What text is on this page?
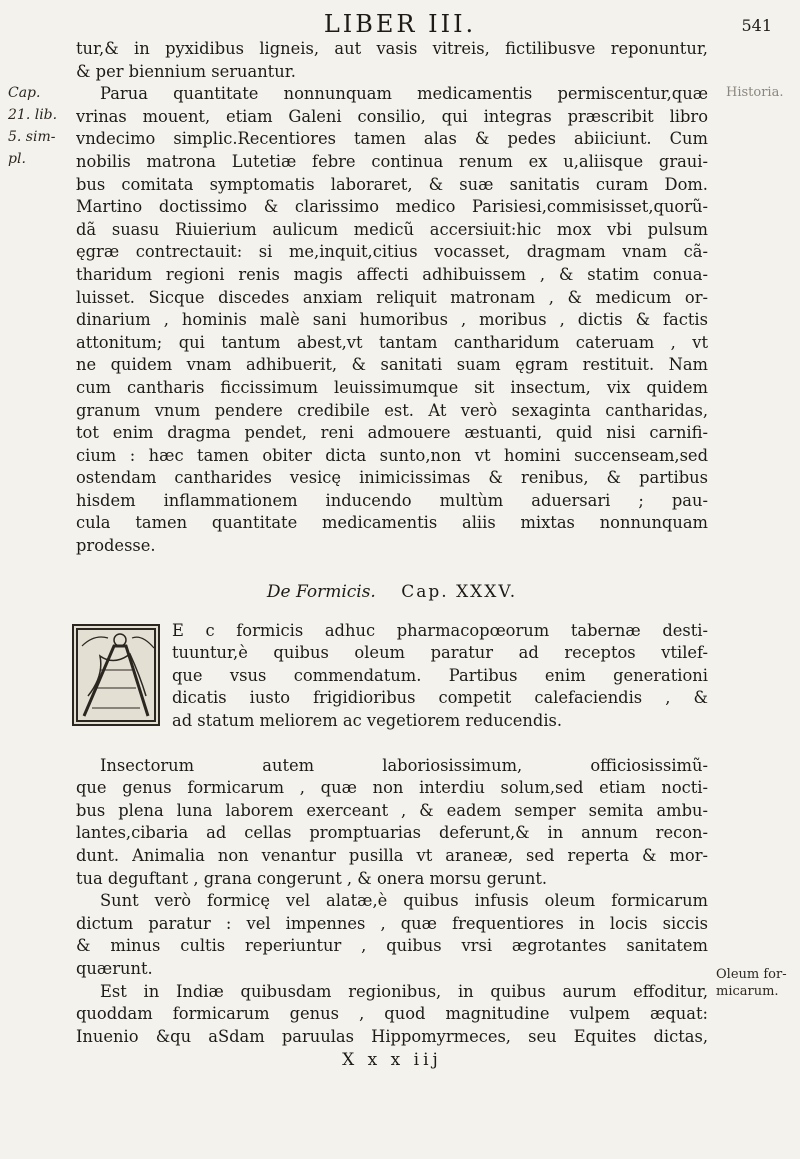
LIBER III.	541
Cap.
21. lib.
5. sim-
pl.
Historia.
Oleum for-
micarum.
tur,& in pyxidibus ligneis, aut vasis vitreis, fictilibusve reponuntur,
& per biennium seruantur.
Parua quantitate nonnunquam medicamentis permiscentur,quæ
vrinas mouent, etiam Galeni consilio, qui integras præscribit libro
vndecimo simplic.Recentiores tamen alas & pedes abiiciunt. Cum
nobilis matrona Lutetiæ febre continua renum ex u,aliisque graui-
bus comitata symptomatis laboraret, & suæ sanitatis curam Dom.
Martino doctissimo & clarissimo medico Parisiesi,commisisset,quorũ-
dã suasu Riuierium aulicum medicũ accersiuit:hic mox vbi pulsum
ęgræ contrectauit: si me,inquit,citius vocasset, dragmam vnam cã-
tharidum regioni renis magis affecti adhibuissem , & statim conua-
luisset. Sicque discedes anxiam reliquit matronam , & medicum or-
dinarium , hominis malè sani humoribus , moribus , dictis & factis
attonitum; qui tantum abest,vt tantam cantharidum cateruam , vt
ne quidem vnam adhibuerit, & sanitati suam ęgram restituit. Nam
cum cantharis ficcissimum leuissimumque sit insectum, vix quidem
granum vnum pendere credibile est. At verò sexaginta cantharidas,
tot enim dragma pendet, reni admouere æstuanti, quid nisi carnifi-
cium : hæc tamen obiter dicta sunto,non vt homini succenseam,sed
ostendam cantharides vesicę inimicissimas & renibus, & partibus
hisdem inflammationem inducendo multùm aduersari ; pau-
cula tamen quantitate medicamentis aliis mixtas nonnunquam
prodesse.
De Formicis. Cap. XXXV.
E c formicis adhuc pharmacopœorum tabernæ desti-
tuuntur,è quibus oleum paratur ad receptos vtilef-
que vsus commendatum. Partibus enim generationi
dicatis iusto frigidioribus competit calefaciendis , &
ad statum meliorem ac vegetiorem reducendis.
Insectorum autem laboriosissimum, officiosissimũ-
que genus formicarum , quæ non interdiu solum,sed etiam nocti-
bus plena luna laborem exerceant , & eadem semper semita ambu-
lantes,cibaria ad cellas promptuarias deferunt,& in annum recon-
dunt. Animalia non venantur pusilla vt araneæ, sed reperta & mor-
tua deguftant , grana congerunt , & onera morsu gerunt.
Sunt verò formicę vel alatæ,è quibus infusis oleum formicarum
dictum paratur : vel impennes , quæ frequentiores in locis siccis
& minus cultis reperiuntur , quibus vrsi ægrotantes sanitatem
quærunt.
Est in Indiæ quibusdam regionibus, in quibus aurum effoditur,
quoddam formicarum genus , quod magnitudine vulpem æquat:
Inuenio &qu aSdam paruulas Hippomyrmeces, seu Equites dictas,
X x x iij
